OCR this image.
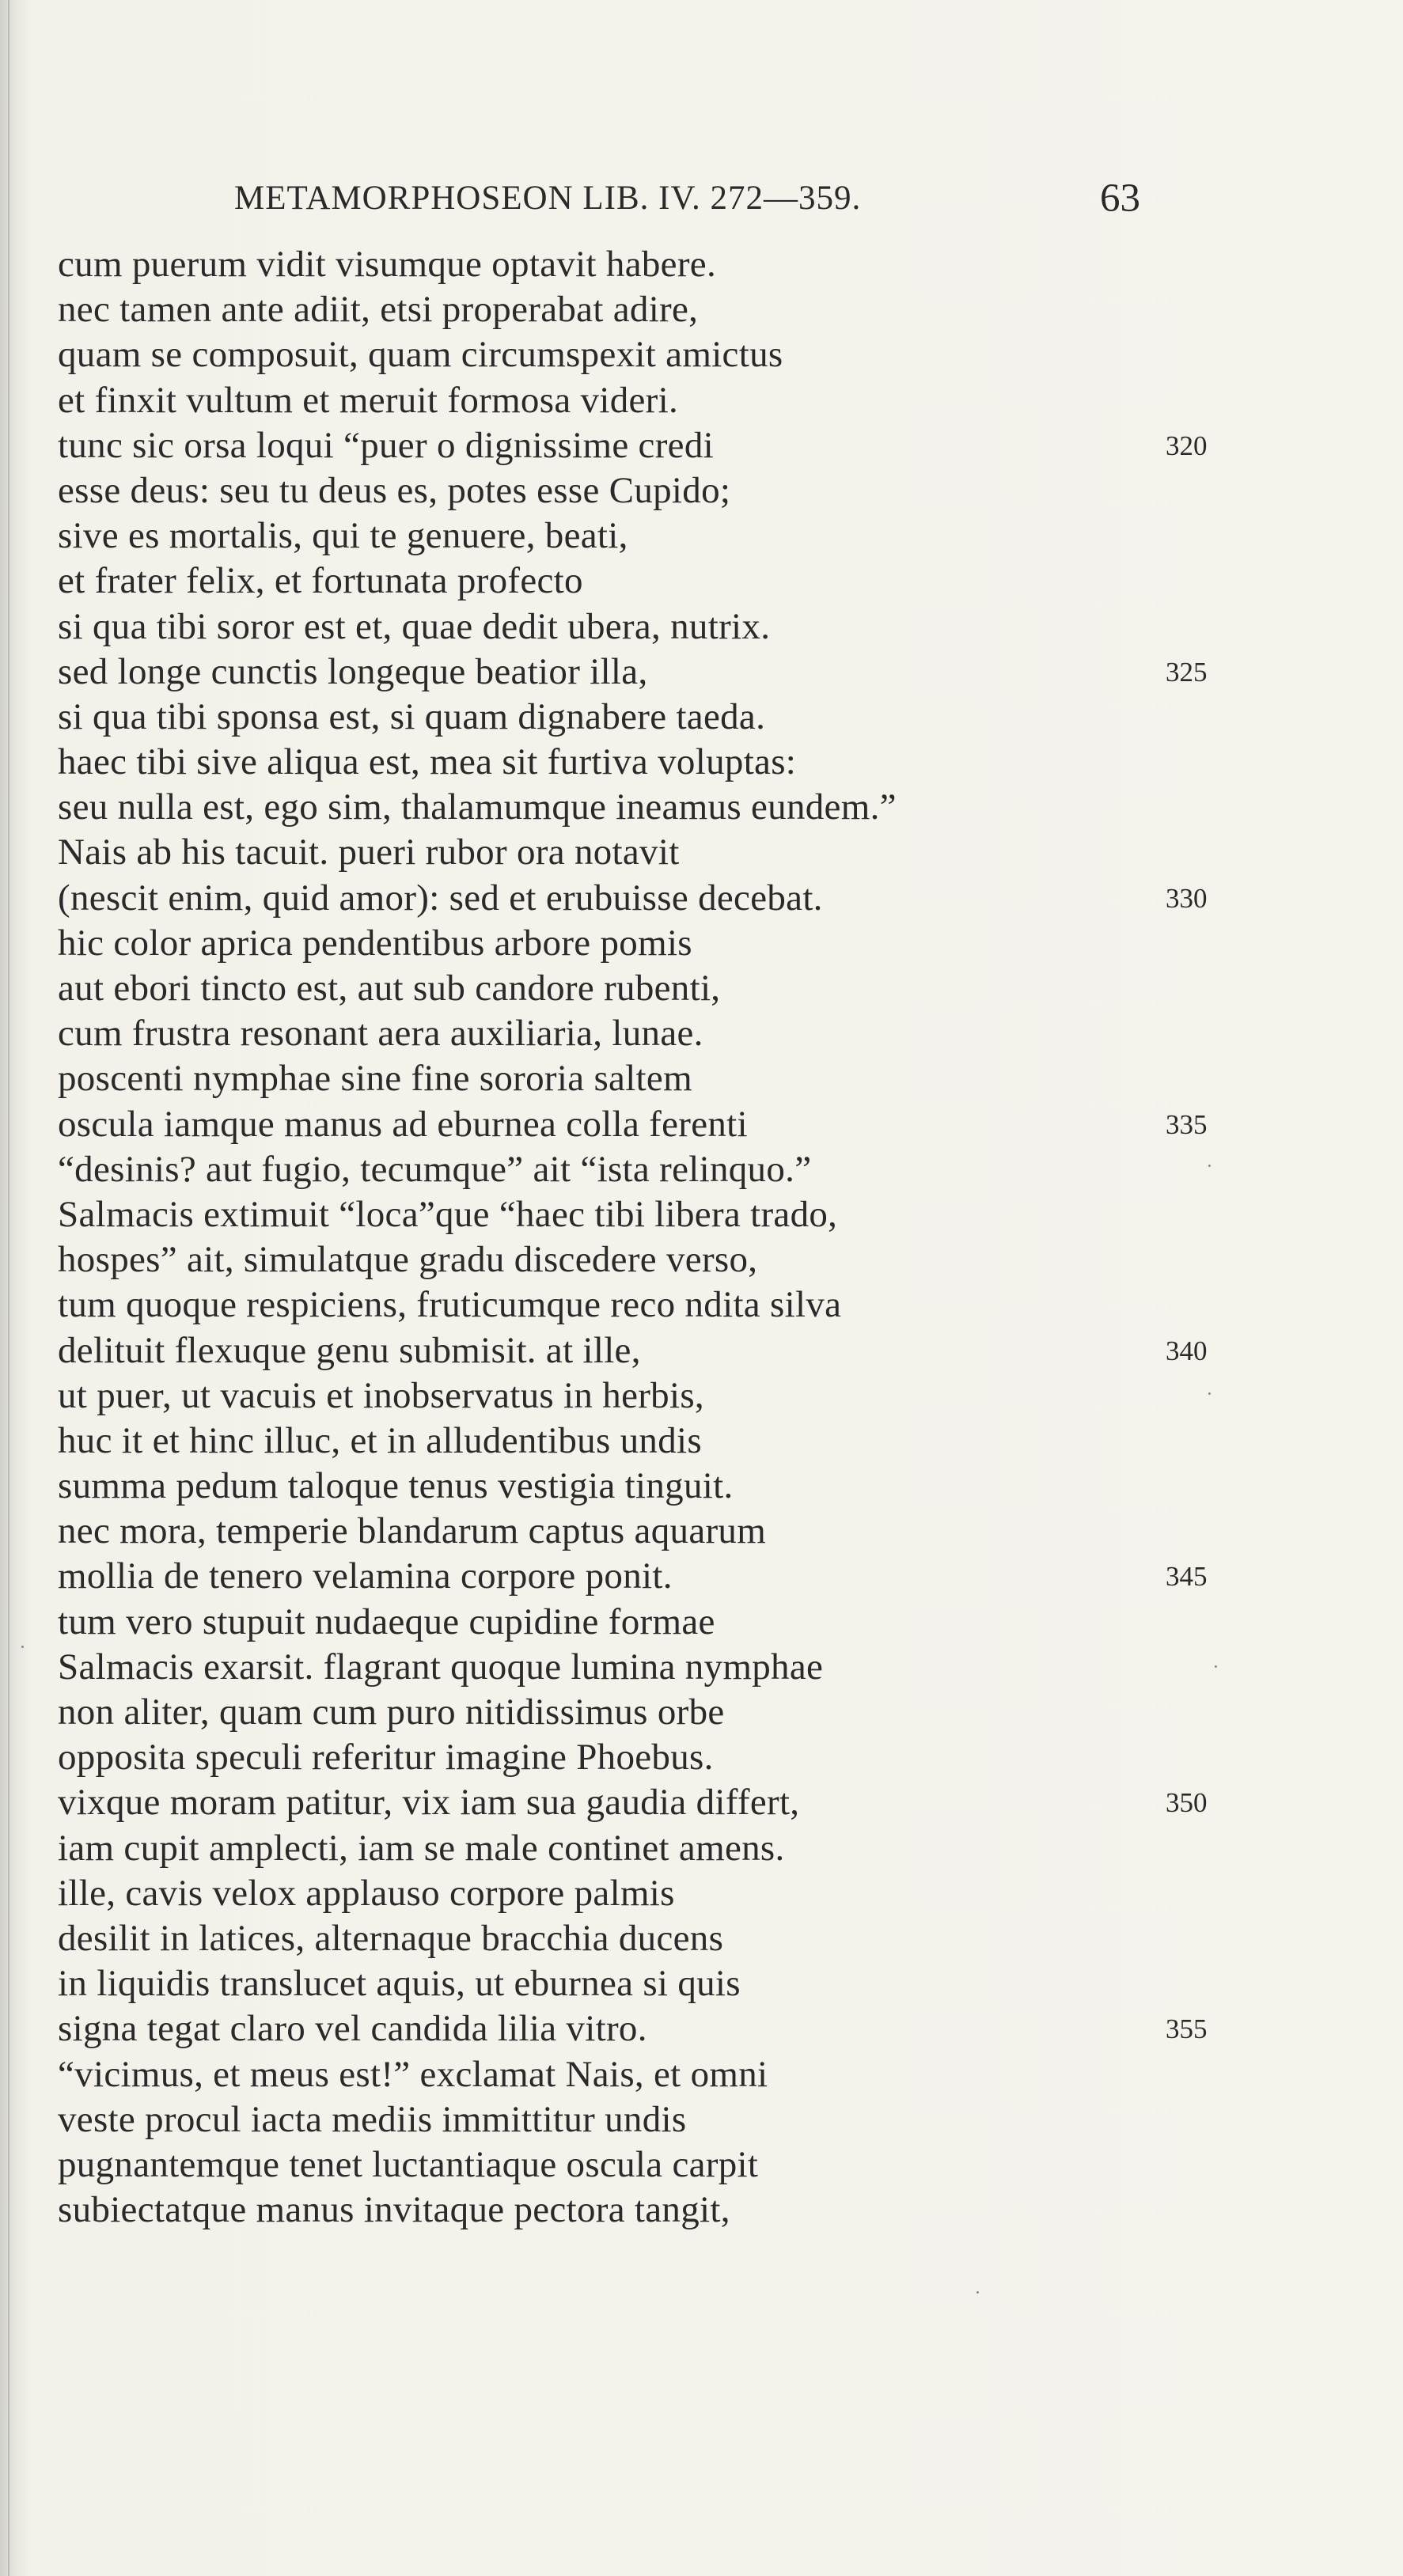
METAMORPHOSEON LIB. IV. 272—359.	63
cum puerum vidit visumque optavit habere.
nec tamen ante adiit, etsi properabat adire,
quam se composuit, quam circumspexit amictus
et finxit vultum et meruit formosa videri.
tunc sic orsa loqui “puer o dignissime credi	320
esse deus: seu tu deus es, potes esse Cupido;
sive es mortalis, qui te genuere, beati,
et frater felix, et fortunata profecto
si qua tibi soror est et, quae dedit ubera, nutrix.
sed longe cunctis longeque beatior illa,	325
si qua tibi sponsa est, si quam dignabere taeda.
haec tibi sive aliqua est, mea sit furtiva voluptas:
seu nulla est, ego sim, thalamumque ineamus eundem.”
Nais ab his tacuit. pueri rubor ora notavit
(nescit enim, quid amor): sed et erubuisse decebat.	330
hic color aprica pendentibus arbore pomis
aut ebori tincto est, aut sub candore rubenti,
cum frustra resonant aera auxiliaria, lunae.
poscenti nymphae sine fine sororia saltem
oscula iamque manus ad eburnea colla ferenti	335
“desinis? aut fugio, tecumque” ait “ista relinquo.”
Salmacis extimuit “loca”que “haec tibi libera trado,
hospes” ait, simulatque gradu discedere verso,
tum quoque respiciens, fruticumque reco ndita silva
delituit flexuque genu submisit. at ille,	340
ut puer, ut vacuis et inobservatus in herbis,
huc it et hinc illuc, et in alludentibus undis
summa pedum taloque tenus vestigia tinguit.
nec mora, temperie blandarum captus aquarum
mollia de tenero velamina corpore ponit.	345
tum vero stupuit nudaeque cupidine formae
Salmacis exarsit. flagrant quoque lumina nymphae
non aliter, quam cum puro nitidissimus orbe
opposita speculi referitur imagine Phoebus.
vixque moram patitur, vix iam sua gaudia differt,	350
iam cupit amplecti, iam se male continet amens.
ille, cavis velox applauso corpore palmis
desilit in latices, alternaque bracchia ducens
in liquidis translucet aquis, ut eburnea si quis
signa tegat claro vel candida lilia vitro.	355
“vicimus, et meus est!” exclamat Nais, et omni
veste procul iacta mediis immittitur undis
pugnantemque tenet luctantiaque oscula carpit
subiectatque manus invitaque pectora tangit,
